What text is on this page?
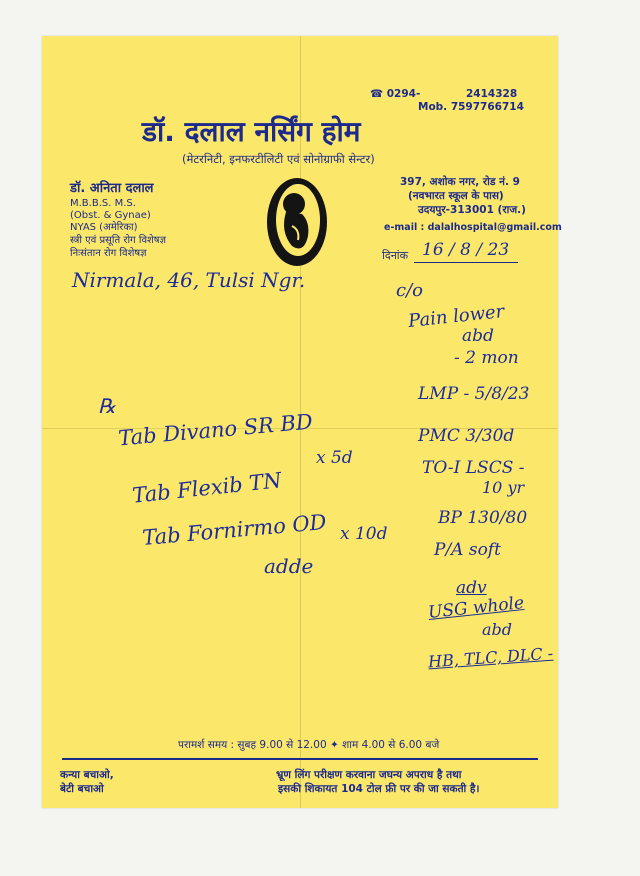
☎ 0294-	2414328
Mob. 7597766714
डॉ. दलाल नर्सिंग होम
(मेटरनिटी, इनफरटीलिटी एवं सोनोग्राफी सेन्टर)
डॉ. अनिता दलाल
M.B.B.S. M.S.
(Obst. & Gynae)
NYAS (अमेरिका)
स्त्री एवं प्रसूति रोग विशेषज्ञ
निःसंतान रोग विशेषज्ञ
397, अशोक नगर, रोड नं. 9
(नवभारत स्कूल के पास)
उदयपुर-313001 (राज.)
e-mail : dalalhospital@gmail.com
दिनांक 16 / 8 / 23
Nirmala, 46, Tulsi Ngr.
℞
Tab Divano SR BD
x 5d
Tab Flexib TN
Tab Fornirmo OD x 10d
adde
c/o
Pain lower
abd
- 2 mon
LMP - 5/8/23
PMC 3/30d
TO-I LSCS -
10 yr
BP 130/80
P/A soft
adv
USG whole
abd
HB, TLC, DLC -
परामर्श समय : सुबह 9.00 से 12.00 ✦ शाम 4.00 से 6.00 बजे
कन्या बचाओ,
बेटी बचाओ
भ्रूण लिंग परीक्षण करवाना जघन्य अपराध है तथा
इसकी शिकायत 104 टोल फ्री पर की जा सकती है।
